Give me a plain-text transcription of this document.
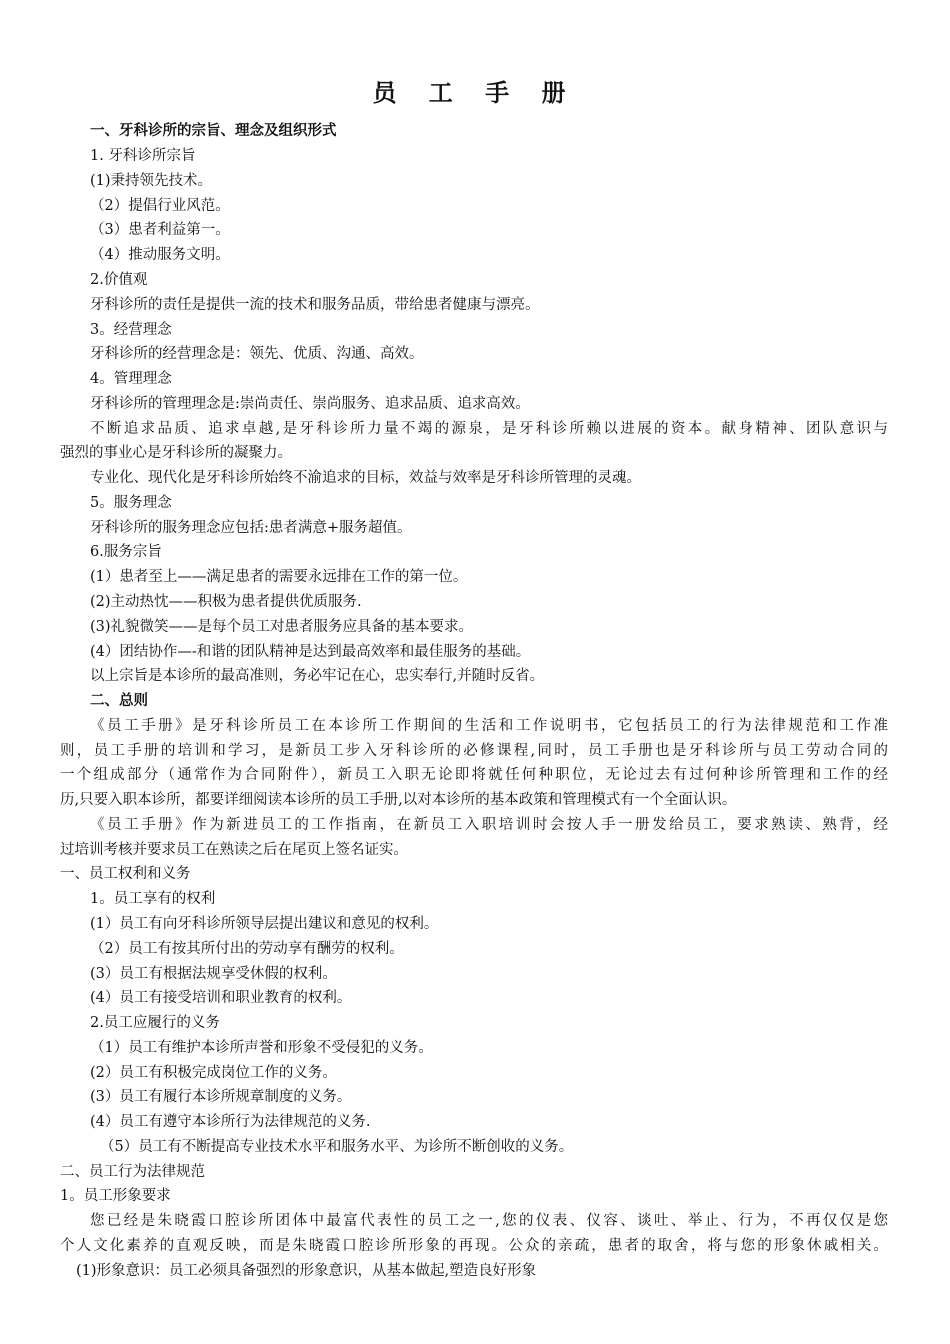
员 工 手 册
一、牙科诊所的宗旨、理念及组织形式
1. 牙科诊所宗旨
(1)秉持领先技术。
（2）提倡行业风范。
（3）患者利益第一。
（4）推动服务文明。
2.价值观
牙科诊所的责任是提供一流的技术和服务品质，带给患者健康与漂亮。
3。经营理念
牙科诊所的经营理念是：领先、优质、沟通、高效。
4。管理理念
牙科诊所的管理理念是:崇尚责任、崇尚服务、追求品质、追求高效。
不断追求品质、追求卓越,是牙科诊所力量不竭的源泉，是牙科诊所赖以进展的资本。献身精神、团队意识与
强烈的事业心是牙科诊所的凝聚力。
专业化、现代化是牙科诊所始终不渝追求的目标，效益与效率是牙科诊所管理的灵魂。
5。服务理念
牙科诊所的服务理念应包括:患者满意+服务超值。
6.服务宗旨
(1）患者至上——满足患者的需要永远排在工作的第一位。
(2)主动热忱——积极为患者提供优质服务.
(3)礼貌微笑——是每个员工对患者服务应具备的基本要求。
(4）团结协作—-和谐的团队精神是达到最高效率和最佳服务的基础。
以上宗旨是本诊所的最高准则，务必牢记在心，忠实奉行,并随时反省。
二、总则
《员工手册》是牙科诊所员工在本诊所工作期间的生活和工作说明书，它包括员工的行为法律规范和工作准
则，员工手册的培训和学习，是新员工步入牙科诊所的必修课程,同时，员工手册也是牙科诊所与员工劳动合同的
一个组成部分（通常作为合同附件），新员工入职无论即将就任何种职位，无论过去有过何种诊所管理和工作的经
历,只要入职本诊所，都要详细阅读本诊所的员工手册,以对本诊所的基本政策和管理模式有一个全面认识。
《员工手册》作为新进员工的工作指南，在新员工入职培训时会按人手一册发给员工，要求熟读、熟背，经
过培训考核并要求员工在熟读之后在尾页上签名证实。
一、员工权利和义务
1。员工享有的权利
(1）员工有向牙科诊所领导层提出建议和意见的权利。
（2）员工有按其所付出的劳动享有酬劳的权利。
(3）员工有根据法规享受休假的权利。
(4）员工有接受培训和职业教育的权利。
2.员工应履行的义务
（1）员工有维护本诊所声誉和形象不受侵犯的义务。
(2）员工有积极完成岗位工作的义务。
(3）员工有履行本诊所规章制度的义务。
(4）员工有遵守本诊所行为法律规范的义务.
（5）员工有不断提高专业技术水平和服务水平、为诊所不断创收的义务。
二、员工行为法律规范
1。员工形象要求
您已经是朱晓霞口腔诊所团体中最富代表性的员工之一,您的仪表、仪容、谈吐、举止、行为，不再仅仅是您
个人文化素养的直观反映，而是朱晓霞口腔诊所形象的再现。公众的亲疏，患者的取舍，将与您的形象休戚相关。
(1)形象意识：员工必须具备强烈的形象意识，从基本做起,塑造良好形象
